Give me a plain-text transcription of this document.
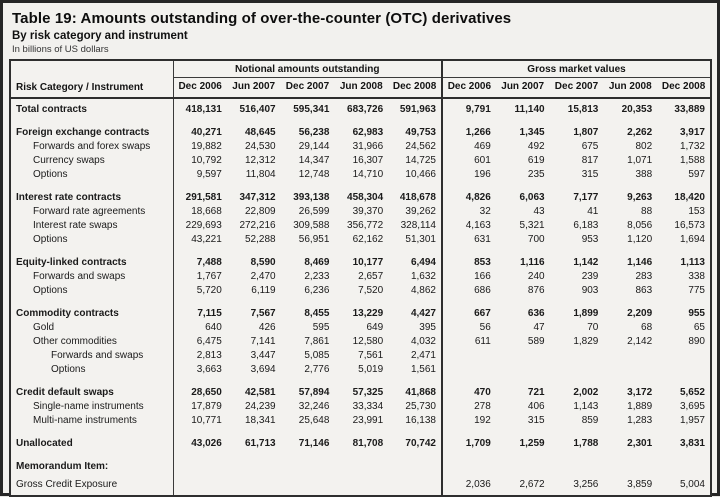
Table 19: Amounts outstanding of over-the-counter (OTC) derivatives
By risk category and instrument
In billions of US dollars
Risk Category / Instrument	Notional amounts outstanding					Gross market values				
	Dec 2006	Jun 2007	Dec 2007	Jun 2008	Dec 2008	Dec 2006	Jun 2007	Dec 2007	Jun 2008	Dec 2008
Total contracts	418,131	516,407	595,341	683,726	591,963	9,791	11,140	15,813	20,353	33,889
Foreign exchange contracts	40,271	48,645	56,238	62,983	49,753	1,266	1,345	1,807	2,262	3,917
Forwards and forex swaps	19,882	24,530	29,144	31,966	24,562	469	492	675	802	1,732
Currency swaps	10,792	12,312	14,347	16,307	14,725	601	619	817	1,071	1,588
Options	9,597	11,804	12,748	14,710	10,466	196	235	315	388	597
Interest rate contracts	291,581	347,312	393,138	458,304	418,678	4,826	6,063	7,177	9,263	18,420
Forward rate agreements	18,668	22,809	26,599	39,370	39,262	32	43	41	88	153
Interest rate swaps	229,693	272,216	309,588	356,772	328,114	4,163	5,321	6,183	8,056	16,573
Options	43,221	52,288	56,951	62,162	51,301	631	700	953	1,120	1,694
Equity-linked contracts	7,488	8,590	8,469	10,177	6,494	853	1,116	1,142	1,146	1,113
Forwards and swaps	1,767	2,470	2,233	2,657	1,632	166	240	239	283	338
Options	5,720	6,119	6,236	7,520	4,862	686	876	903	863	775
Commodity contracts	7,115	7,567	8,455	13,229	4,427	667	636	1,899	2,209	955
Gold	640	426	595	649	395	56	47	70	68	65
Other commodities	6,475	7,141	7,861	12,580	4,032	611	589	1,829	2,142	890
Forwards and swaps	2,813	3,447	5,085	7,561	2,471					
Options	3,663	3,694	2,776	5,019	1,561					
Credit default swaps	28,650	42,581	57,894	57,325	41,868	470	721	2,002	3,172	5,652
Single-name instruments	17,879	24,239	32,246	33,334	25,730	278	406	1,143	1,889	3,695
Multi-name instruments	10,771	18,341	25,648	23,991	16,138	192	315	859	1,283	1,957
Unallocated	43,026	61,713	71,146	81,708	70,742	1,709	1,259	1,788	2,301	3,831
Memorandum Item:										
Gross Credit Exposure						2,036	2,672	3,256	3,859	5,004
